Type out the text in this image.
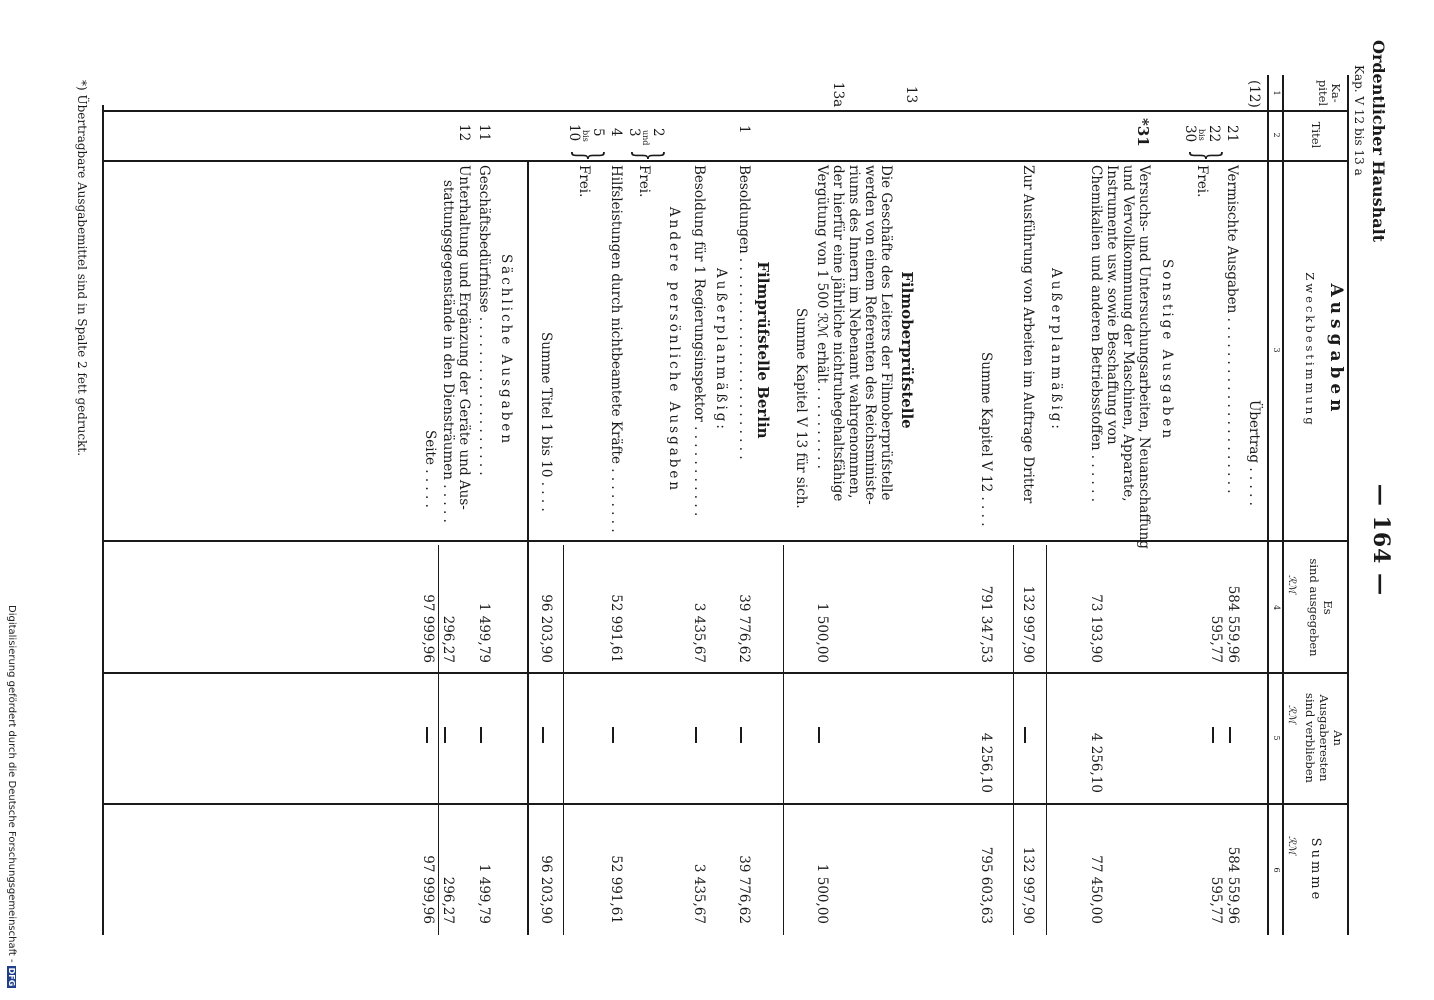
Digitalisierung gefördert durch die Deutsche Forschungsgemeinschaft -DFG
— 164 —
Ordentlicher Haushalt
Kap. V 12 bis 13 a
Ka-pitel
Titel
Ausgaben
Zweckbestimmung
Es
sind ausgegeben
An
Ausgaberesten
sind verblieben
Summe
ℛℳ
ℛℳ
ℛℳ
1
2
3
4
5
6
(12)
Übertrag . . . . .
21
Vermischte Ausgaben . . . . . . . . . . . . . . . . . . . . .
584 559,96
584 559,96
595,77
595,77
22
bis
30
}
Frei.
Sonstige Ausgaben
*31
Versuchs- und Untersuchungsarbeiten, Neuanschaffung
und Vervollkommnung der Maschinen, Apparate,
Instrumente usw. sowie Beschaffung von
Chemikalien und anderen Betriebsstoffen . . . . . .
73 193,90
4 256,10
77 450,00
Außerplanmäßig:
Zur Ausführung von Arbeiten im Auftrage Dritter
132 997,90
132 997,90
Summe Kapitel V 12 . . . .
791 347,53
4 256,10
795 603,63
13
Filmoberprüfstelle
Die Geschäfte des Leiters der Filmoberprüfstelle
werden von einem Referenten des Reichsministe-
riums des Innern im Nebenamt wahrgenommen,
der hierfür eine jährliche nichtruhegehaltsfähige
Vergütung von 1 500 ℛℳ erhält . . . . . . . . . .
1 500,00
1 500,00
Summe Kapitel V 13 für sich.
13a
Filmprüfstelle Berlin
1
Besoldungen . . . . . . . . . . . . . . . . . . . . . . . .
39 776,62
39 776,62
Außerplanmäßig:
Besoldung für 1 Regierungsinspektor . . . . . . . . . . .
3 435,67
3 435,67
Andere persönliche Ausgaben
2
und
3
}
Frei.
4
Hilfsleistungen durch nichtbeamtete Kräfte . . . . . . . .
52 991,61
52 991,61
5
bis
10
}
Frei.
Summe Titel 1 bis 10 . . . .
96 203,90
96 203,90
Sächliche Ausgaben
11
Geschäftsbedürfnisse . . . . . . . . . . . . . . . . . . .
1 499,79
1 499,79
12
Unterhaltung und Ergänzung der Geräte und Aus-
stattungsgegenstände in den Diensträumen . . . . .
296,27
296,27
Seite . . . . .
97 999,96
97 999,96
*) Übertragbare Ausgabemittel sind in Spalte 2 fett gedruckt.
